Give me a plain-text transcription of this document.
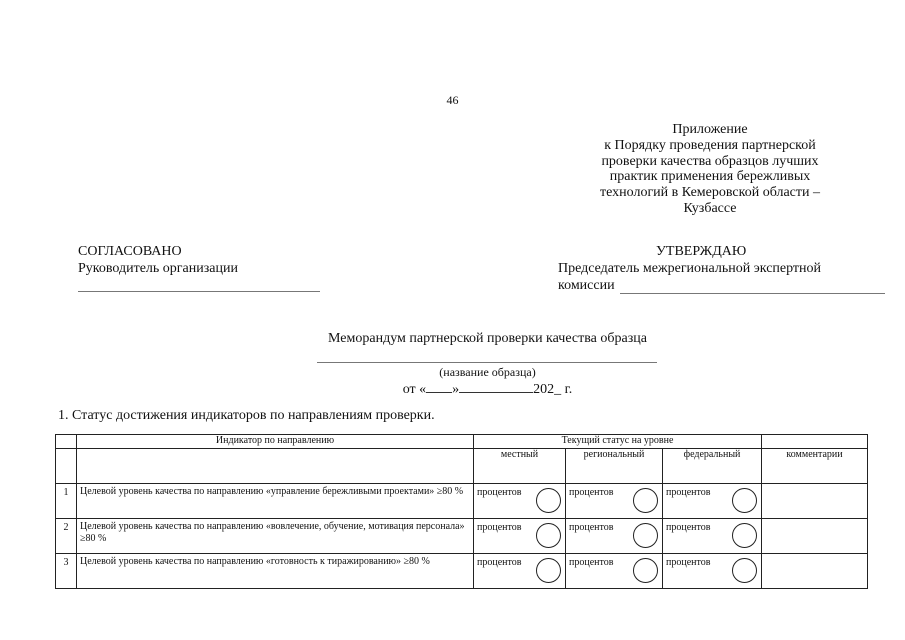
46
Приложение
к Порядку проведения партнерской
проверки качества образцов лучших
практик применения бережливых
технологий в Кемеровской области –
Кузбассе
СОГЛАСОВАНО
Руководитель организации
УТВЕРЖДАЮ
Председатель межрегиональной экспертной
комиссии
Меморандум партнерской проверки качества образца
(название образца)
от « »	202_ г.
1. Статус достижения индикаторов по направлениям проверки.
	Индикатор по направлению	Текущий статус на уровне			
		местный	региональный	федеральный	комментарии
1	Целевой уровень качества по направлению «управление бережливыми проектами» ≥80 %	процентов	процентов	процентов	

2	Целевой уровень качества по направлению «вовлечение, обучение, мотивация персонала» ≥80 %	процентов	процентов	процентов	

3	Целевой уровень качества по направлению «готовность к тиражированию» ≥80 %	процентов	процентов	процентов	
